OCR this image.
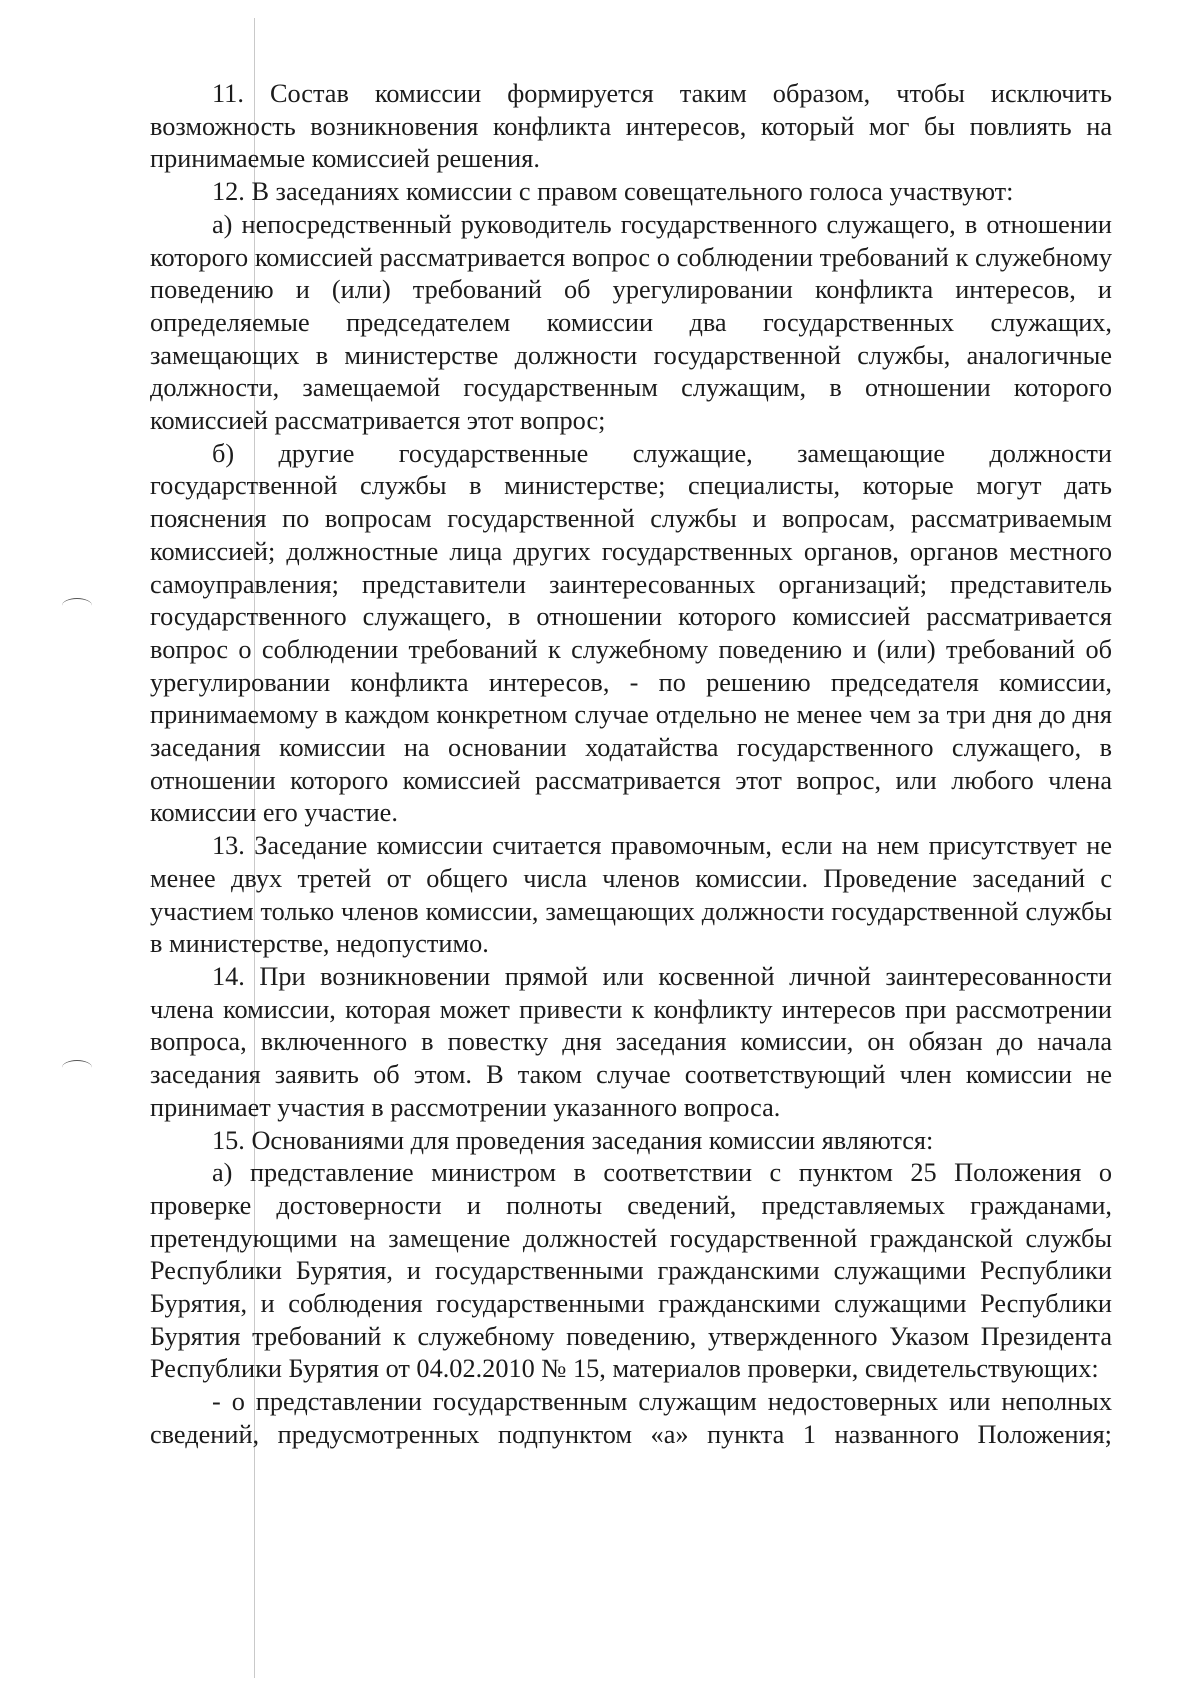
11. Состав комиссии формируется таким образом, чтобы исключить возможность возникновения конфликта интересов, который мог бы повлиять на принимаемые комиссией решения.

12. В заседаниях комиссии с правом совещательного голоса участвуют:

а) непосредственный руководитель государственного служащего, в отношении которого комиссией рассматривается вопрос о соблюдении требований к служебному поведению и (или) требований об урегулировании конфликта интересов, и определяемые председателем комиссии два государственных служащих, замещающих в министерстве должности государственной службы, аналогичные должности, замещаемой государственным служащим, в отношении которого комиссией рассматривается этот вопрос;

б) другие государственные служащие, замещающие должности государственной службы в министерстве; специалисты, которые могут дать пояснения по вопросам государственной службы и вопросам, рассматриваемым комиссией; должностные лица других государственных органов, органов местного самоуправления; представители заинтересованных организаций; представитель государственного служащего, в отношении которого комиссией рассматривается вопрос о соблюдении требований к служебному поведению и (или) требований об урегулировании конфликта интересов, - по решению председателя комиссии, принимаемому в каждом конкретном случае отдельно не менее чем за три дня до дня заседания комиссии на основании ходатайства государственного служащего, в отношении которого комиссией рассматривается этот вопрос, или любого члена комиссии его участие.

13. Заседание комиссии считается правомочным, если на нем присутствует не менее двух третей от общего числа членов комиссии. Проведение заседаний с участием только членов комиссии, замещающих должности государственной службы в министерстве, недопустимо.

14. При возникновении прямой или косвенной личной заинтересованности члена комиссии, которая может привести к конфликту интересов при рассмотрении вопроса, включенного в повестку дня заседания комиссии, он обязан до начала заседания заявить об этом. В таком случае соответствующий член комиссии не принимает участия в рассмотрении указанного вопроса.

15. Основаниями для проведения заседания комиссии являются:

а) представление министром в соответствии с пунктом 25 Положения о проверке достоверности и полноты сведений, представляемых гражданами, претендующими на замещение должностей государственной гражданской службы Республики Бурятия, и государственными гражданскими служащими Республики Бурятия, и соблюдения государственными гражданскими служащими Республики Бурятия требований к служебному поведению, утвержденного Указом Президента Республики Бурятия от 04.02.2010 № 15, материалов проверки, свидетельствующих:

- о представлении государственным служащим недостоверных или неполных сведений, предусмотренных подпунктом «а» пункта 1 названного Положения;
